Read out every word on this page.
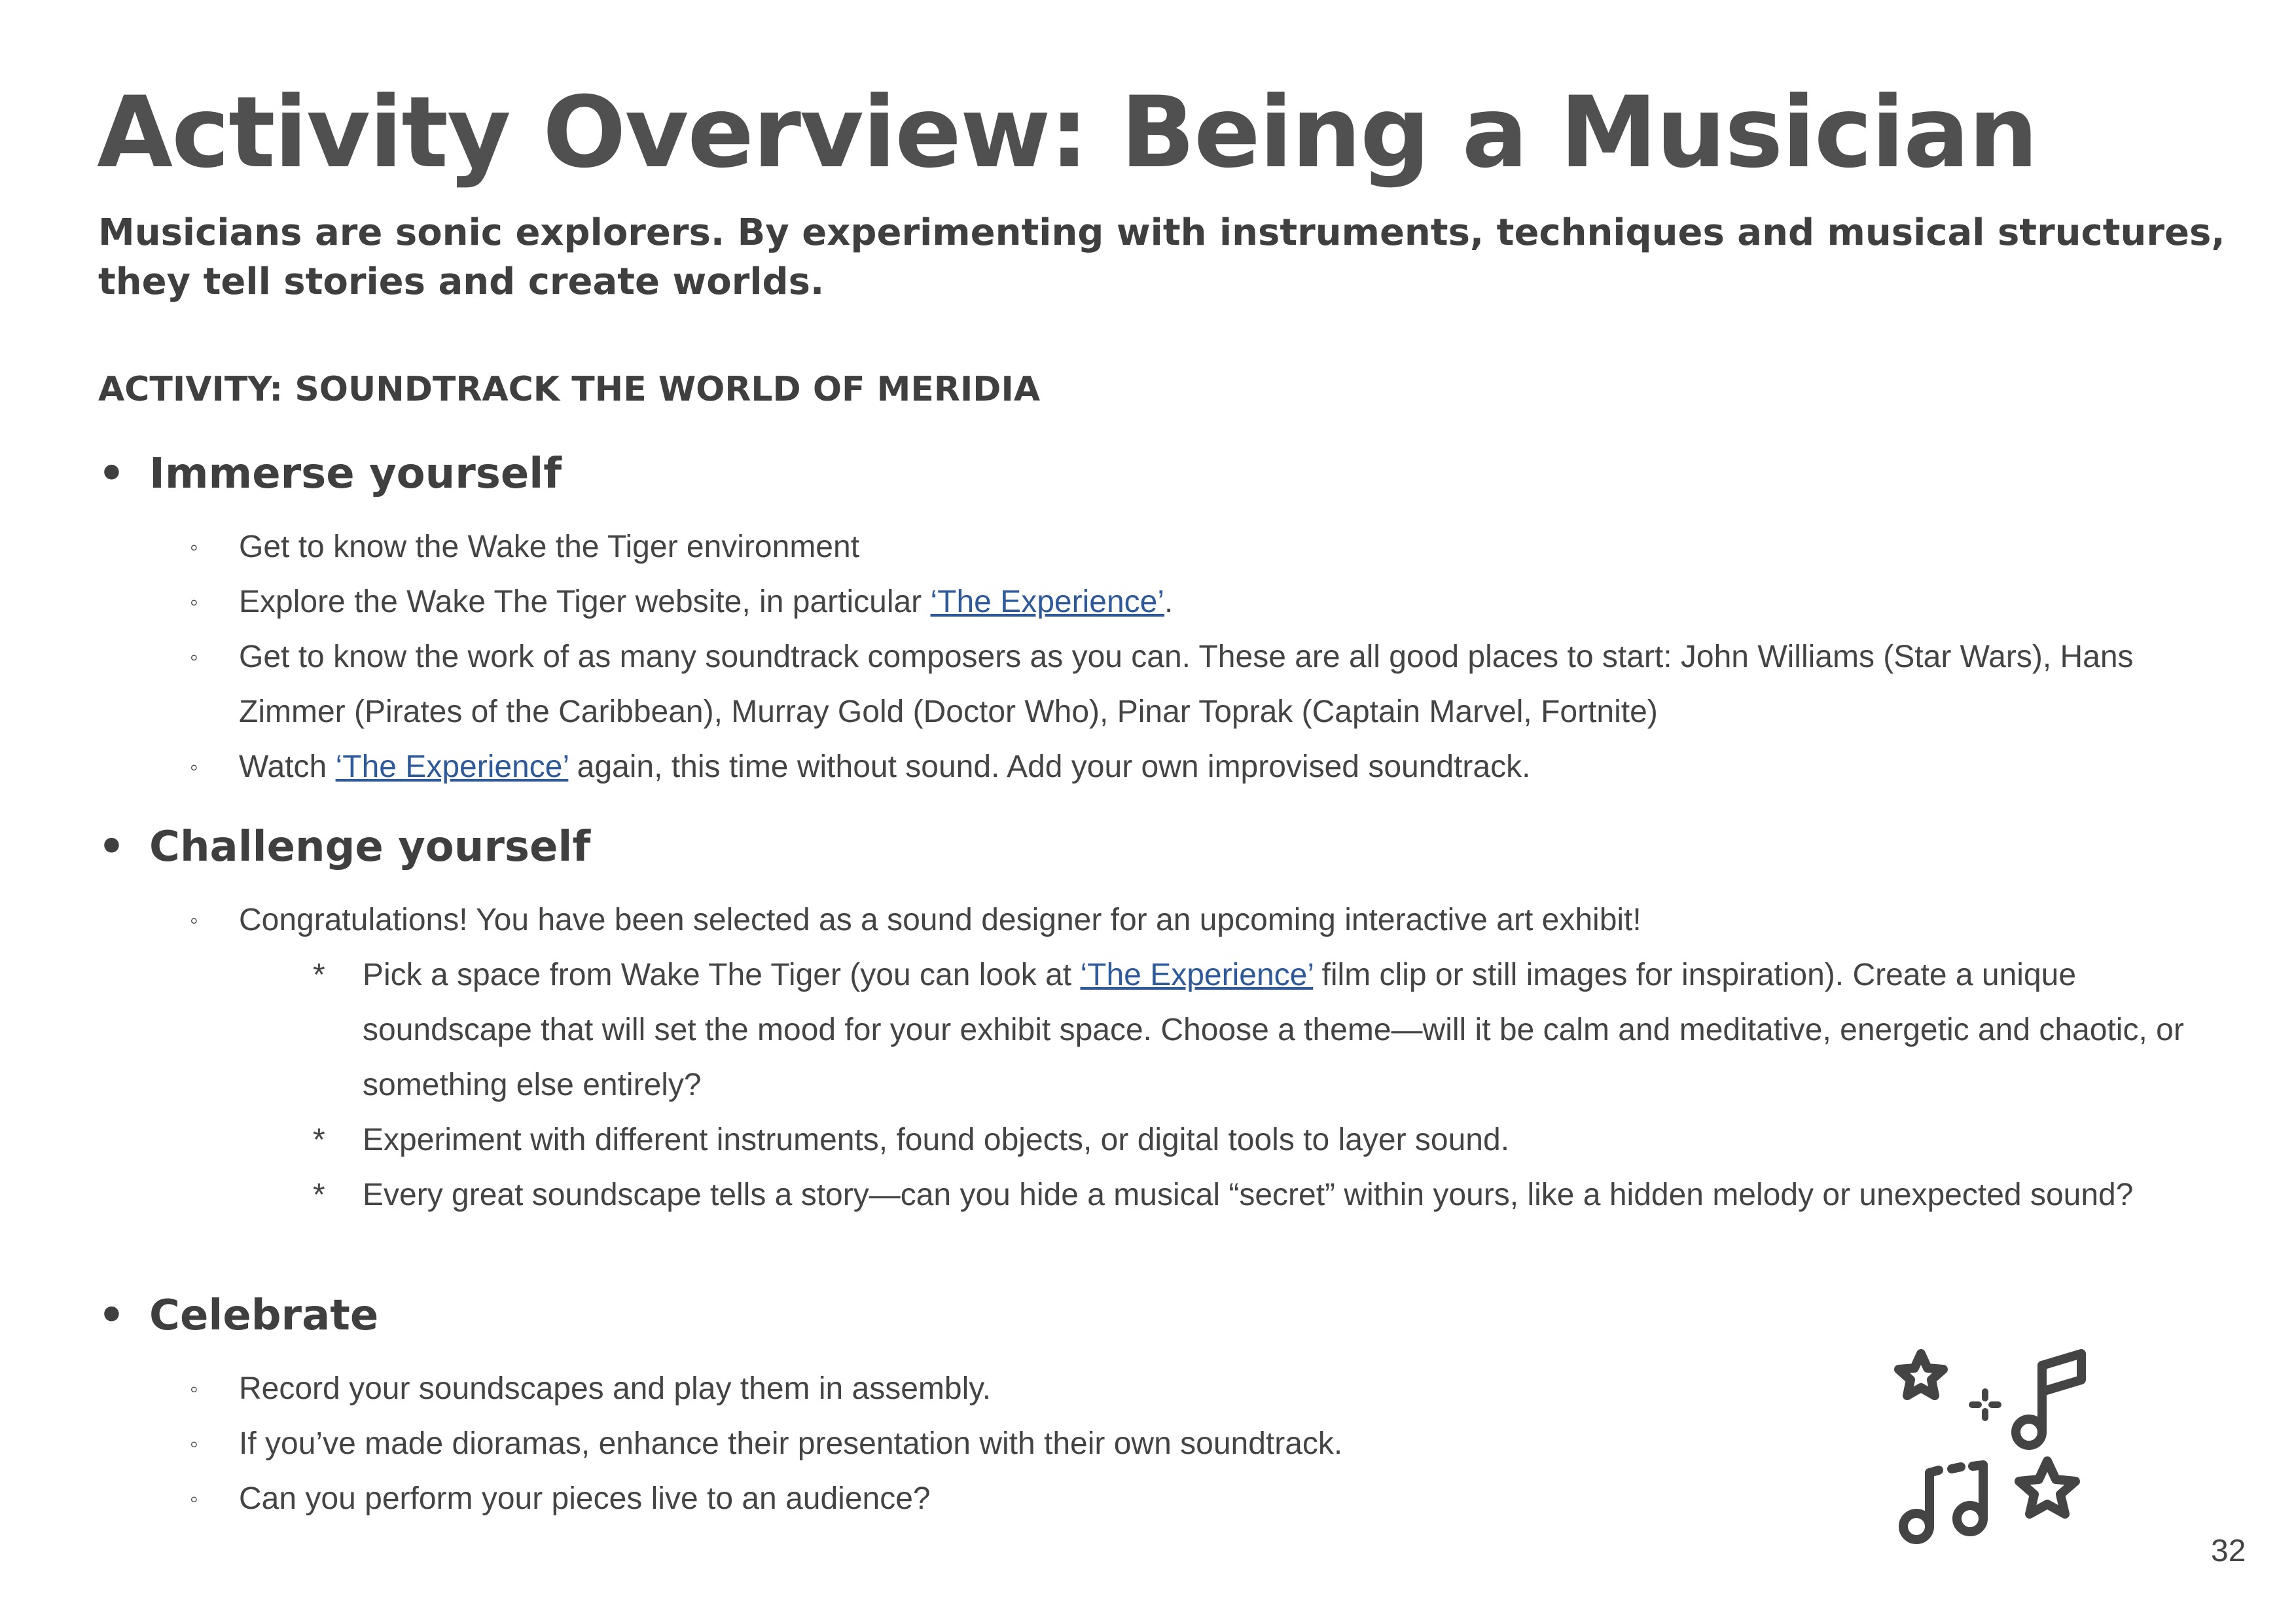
Activity Overview: Being a Musician

Musicians are sonic explorers. By experimenting with instruments, techniques and musical structures, they tell stories and create worlds.

ACTIVITY: SOUNDTRACK THE WORLD OF MERIDIA
• Immerse yourself
◦ Get to know the Wake the Tiger environment
◦ Explore the Wake The Tiger website, in particular ‘The Experience’.
◦ Get to know the work of as many soundtrack composers as you can. These are all good places to start: John Williams (Star Wars), Hans Zimmer (Pirates of the Caribbean), Murray Gold (Doctor Who), Pinar Toprak (Captain Marvel, Fortnite)
◦ Watch ‘The Experience’ again, this time without sound. Add your own improvised soundtrack.
• Challenge yourself
◦ Congratulations! You have been selected as a sound designer for an upcoming interactive art exhibit!
* Pick a space from Wake The Tiger (you can look at ‘The Experience’ film clip or still images for inspiration). Create a unique soundscape that will set the mood for your exhibit space. Choose a theme—will it be calm and meditative, energetic and chaotic, or something else entirely?
* Experiment with different instruments, found objects, or digital tools to layer sound.
* Every great soundscape tells a story—can you hide a musical “secret” within yours, like a hidden melody or unexpected sound?
• Celebrate
◦ Record your soundscapes and play them in assembly.
◦ If you’ve made dioramas, enhance their presentation with their own soundtrack.
◦ Can you perform your pieces live to an audience?

32
